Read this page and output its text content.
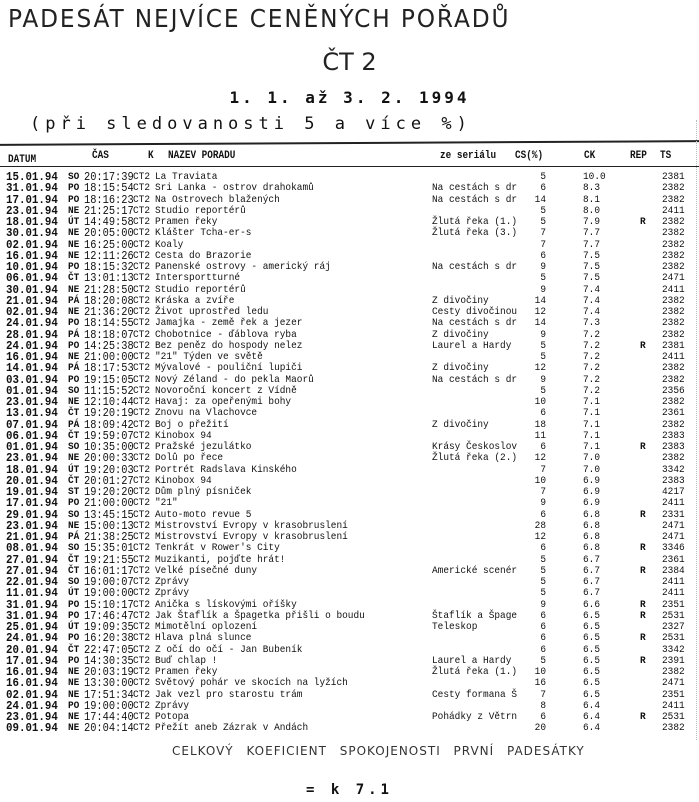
PADESÁT NEJVÍCE CENĚNÝCH POŘADŮ
ČT 2
1. 1. až 3. 2. 1994
(při sledovanosti 5 a více %)
DATUM	ČAS	K NAZEV PORADU	ze seriálu CS(%)	CK	REP TS
15.01.94 SO 20:17:39 CT2 La Traviata	5	10.0	2381
31.01.94 PO 18:15:54 CT2 Sri Lanka - ostrov drahokamů	Na cestách s dr	6	8.3	2382
17.01.94 PO 18:16:23 CT2 Na Ostrovech blažených	Na cestách s dr	14	8.1	2382
23.01.94 NE 21:25:17 CT2 Studio reportérů	5	8.0	2411
18.01.94 ÚT 14:49:58 CT2 Pramen řeky	Žlutá řeka (1.)	5	7.9	R 2382
30.01.94 NE 20:05:00 CT2 Klášter Tcha-er-s	Žlutá řeka (3.)	7	7.7	2382
02.01.94 NE 16:25:00 CT2 Koaly	7	7.7	2382
16.01.94 NE 12:11:26 CT2 Cesta do Brazorie	6	7.5	2382
10.01.94 PO 18:15:32 CT2 Panenské ostrovy - americký ráj	Na cestách s dr	9	7.5	2382
06.01.94 ČT 13:01:13 CT2 Intersportturné	5	7.5	2471
30.01.94 NE 21:28:50 CT2 Studio reportérů	9	7.4	2411
21.01.94 PÁ 18:20:08 CT2 Kráska a zvíře	Z divočiny	14	7.4	2382
02.01.94 NE 21:36:20 CT2 Život uprostřed ledu	Cesty divočinou	12	7.4	2382
24.01.94 PO 18:14:55 CT2 Jamajka - země řek a jezer	Na cestách s dr	14	7.3	2382
28.01.94 PÁ 18:18:07 CT2 Chobotnice - ďáblova ryba	Z divočiny	9	7.2	2382
24.01.94 PO 14:25:38 CT2 Bez peněz do hospody nelez	Laurel a Hardy	5	7.2	R 2381
16.01.94 NE 21:00:00 CT2 "21" Týden ve světě	5	7.2	2411
14.01.94 PÁ 18:17:53 CT2 Mývalové - pouliční lupiči	Z divočiny	12	7.2	2382
03.01.94 PO 19:15:05 CT2 Nový Zéland - do pekla Maorů	Na cestách s dr	9	7.2	2382
01.01.94 SO 11:15:52 CT2 Novoroční koncert z Vídně	5	7.2	2356
23.01.94 NE 12:10:44 CT2 Havaj: za opeřenými bohy	10	7.1	2382
13.01.94 ČT 19:20:19 CT2 Znovu na Vlachovce	6	7.1	2361
07.01.94 PÁ 18:09:42 CT2 Boj o přežití	Z divočiny	18	7.1	2382
06.01.94 ČT 19:59:07 CT2 Kinobox 94	11	7.1	2383
01.01.94 SO 10:35:00 CT2 Pražské jezulátko	Krásy Českoslov	6	7.1	R 2383
23.01.94 NE 20:00:33 CT2 Dolů po řece	Žlutá řeka (2.)	12	7.0	2382
18.01.94 ÚT 19:20:03 CT2 Portrét Radslava Kinského	7	7.0	3342
20.01.94 ČT 20:01:27 CT2 Kinobox 94	10	6.9	2383
19.01.94 ST 19:20:20 CT2 Dům plný písniček	7	6.9	4217
17.01.94 PO 21:00:00 CT2 "21"	9	6.9	2411
29.01.94 SO 13:45:15 CT2 Auto-moto revue 5	6	6.8	R 2331
23.01.94 NE 15:00:13 CT2 Mistrovství Evropy v krasobruslení	28	6.8	2471
21.01.94 PÁ 21:38:25 CT2 Mistrovství Evropy v krasobruslení	12	6.8	2471
08.01.94 SO 15:35:01 CT2 Tenkrát v Rower's City	6	6.8	R 3346
27.01.94 ČT 19:21:55 CT2 Muzikanti, pojďte hrát!	5	6.7	2361
27.01.94 ČT 16:01:17 CT2 Velké písečné duny	Americké scenér	5	6.7	R 2384
22.01.94 SO 19:00:07 CT2 Zprávy	5	6.7	2411
11.01.94 ÚT 19:00:00 CT2 Zprávy	5	6.7	2411
31.01.94 PO 15:10:17 CT2 Anička s lískovými oříšky	9	6.6	R 2351
31.01.94 PO 17:46:47 CT2 Jak Štaflík a Špagetka přišli o boudu	Štaflík a Špage	6	6.5	R 2531
25.01.94 ÚT 19:09:35 CT2 Mimotělní oplození	Teleskop	6	6.5	2327
24.01.94 PO 16:20:38 CT2 Hlava plná slunce	6	6.5	R 2531
20.01.94 ČT 22:47:05 CT2 Z očí do očí - Jan Bubeník	6	6.5	3342
17.01.94 PO 14:30:35 CT2 Buď chlap !	Laurel a Hardy	5	6.5	R 2391
16.01.94 NE 20:03:19 CT2 Pramen řeky	Žlutá řeka (1.)	10	6.5	2382
16.01.94 NE 13:30:00 CT2 Světový pohár ve skocích na lyžích	16	6.5	2471
02.01.94 NE 17:51:34 CT2 Jak vezl pro starostu trám	Cesty formana Š	7	6.5	2351
24.01.94 PO 19:00:00 CT2 Zprávy	8	6.4	2411
23.01.94 NE 17:44:40 CT2 Potopa	Pohádky z Větrn	6	6.4	R 2531
09.01.94 NE 20:04:14 CT2 Přežít aneb Zázrak v Andách	20	6.4	2382
CELKOVÝ KOEFICIENT SPOKOJENOSTI PRVNÍ PADESÁTKY
= k 7.1
